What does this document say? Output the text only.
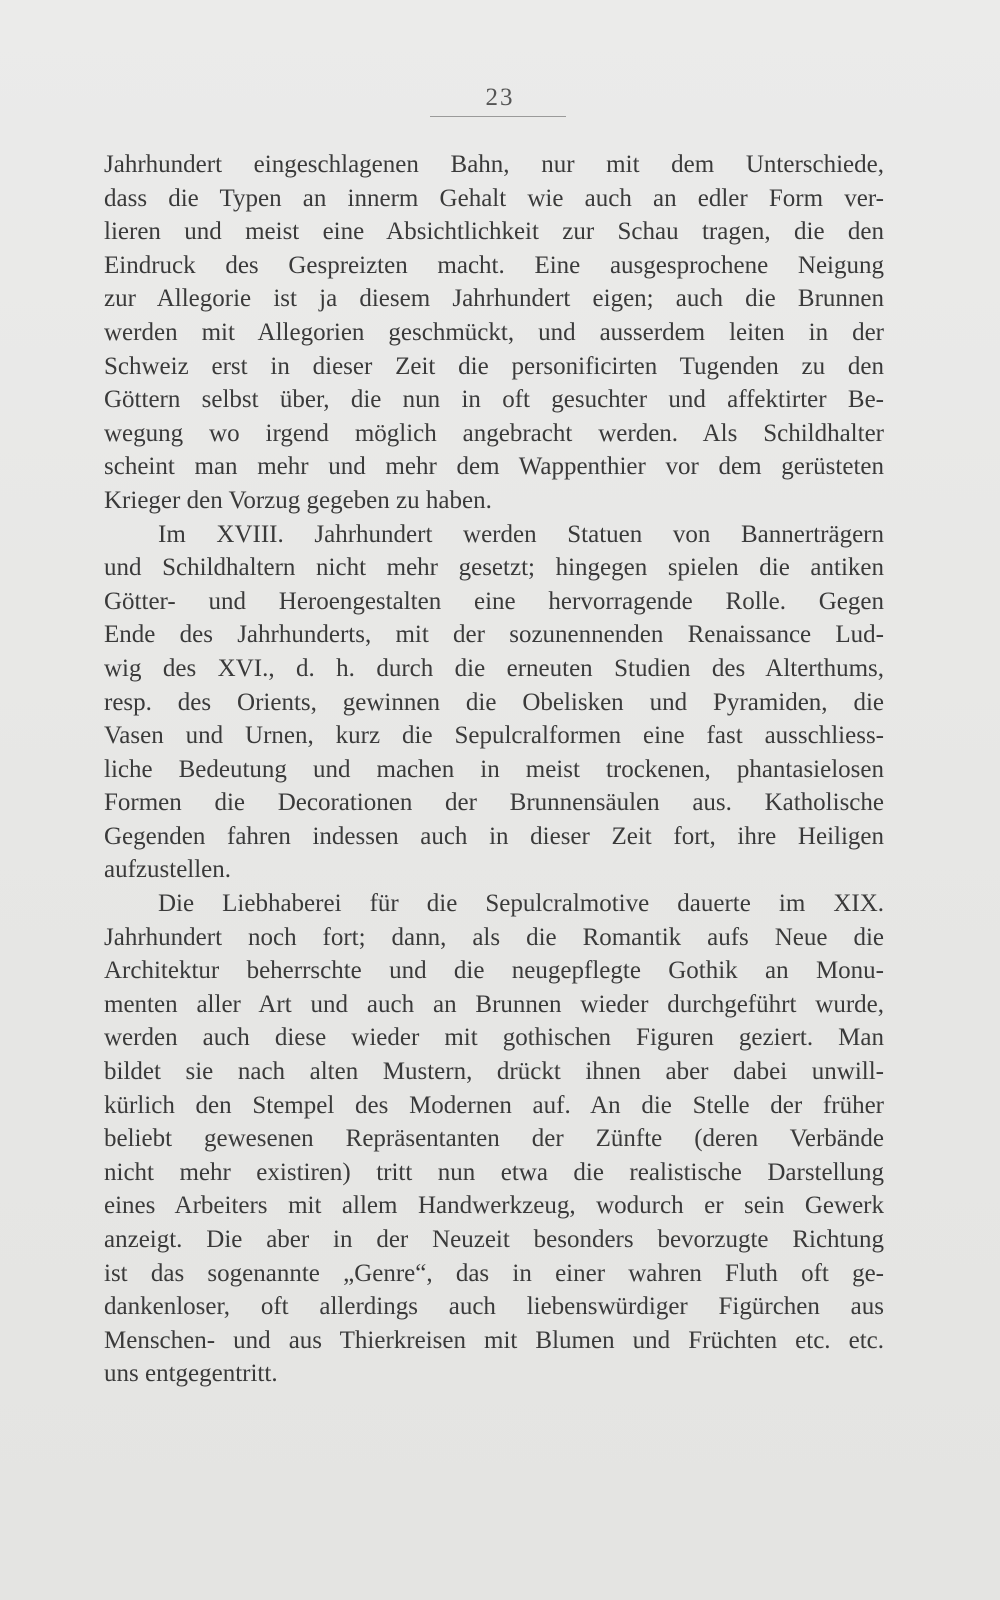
23
Jahrhundert eingeschlagenen Bahn, nur mit dem Unterschiede,
dass die Typen an innerm Gehalt wie auch an edler Form ver-
lieren und meist eine Absichtlichkeit zur Schau tragen, die den
Eindruck des Gespreizten macht. Eine ausgesprochene Neigung
zur Allegorie ist ja diesem Jahrhundert eigen; auch die Brunnen
werden mit Allegorien geschmückt, und ausserdem leiten in der
Schweiz erst in dieser Zeit die personificirten Tugenden zu den
Göttern selbst über, die nun in oft gesuchter und affektirter Be-
wegung wo irgend möglich angebracht werden. Als Schildhalter
scheint man mehr und mehr dem Wappenthier vor dem gerüsteten
Krieger den Vorzug gegeben zu haben.
Im XVIII. Jahrhundert werden Statuen von Bannerträgern
und Schildhaltern nicht mehr gesetzt; hingegen spielen die antiken
Götter- und Heroengestalten eine hervorragende Rolle. Gegen
Ende des Jahrhunderts, mit der sozunennenden Renaissance Lud-
wig des XVI., d. h. durch die erneuten Studien des Alterthums,
resp. des Orients, gewinnen die Obelisken und Pyramiden, die
Vasen und Urnen, kurz die Sepulcralformen eine fast ausschliess-
liche Bedeutung und machen in meist trockenen, phantasielosen
Formen die Decorationen der Brunnensäulen aus. Katholische
Gegenden fahren indessen auch in dieser Zeit fort, ihre Heiligen
aufzustellen.
Die Liebhaberei für die Sepulcralmotive dauerte im XIX.
Jahrhundert noch fort; dann, als die Romantik aufs Neue die
Architektur beherrschte und die neugepflegte Gothik an Monu-
menten aller Art und auch an Brunnen wieder durchgeführt wurde,
werden auch diese wieder mit gothischen Figuren geziert. Man
bildet sie nach alten Mustern, drückt ihnen aber dabei unwill-
kürlich den Stempel des Modernen auf. An die Stelle der früher
beliebt gewesenen Repräsentanten der Zünfte (deren Verbände
nicht mehr existiren) tritt nun etwa die realistische Darstellung
eines Arbeiters mit allem Handwerkzeug, wodurch er sein Gewerk
anzeigt. Die aber in der Neuzeit besonders bevorzugte Richtung
ist das sogenannte „Genre“, das in einer wahren Fluth oft ge-
dankenloser, oft allerdings auch liebenswürdiger Figürchen aus
Menschen- und aus Thierkreisen mit Blumen und Früchten etc. etc.
uns entgegentritt.
